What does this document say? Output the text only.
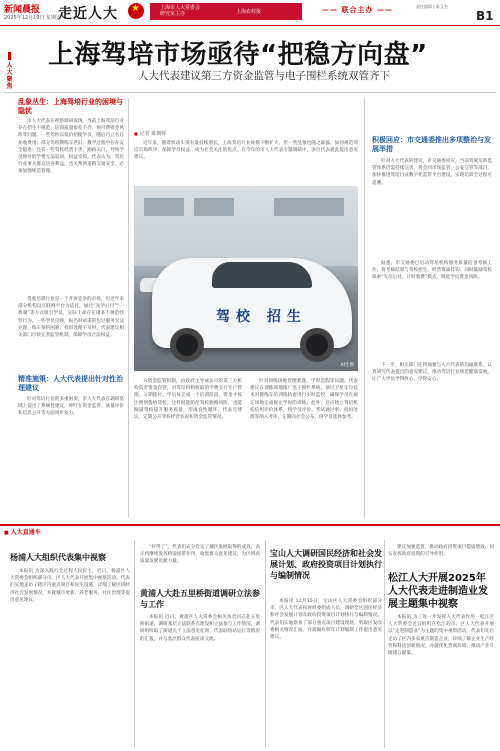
新闻晨报
2025年12月19日 星期五
走近人大
★	上海市人大常委会
研究室主办	上海农村报	—— 联合主办 ——	责任编辑 | 陈文杰
B1
人大聚焦
上海驾培市场亟待“把稳方向盘”
人大代表建议第三方资金监管与电子围栏系统双管齐下
乱象丛生：上海驾培行业的困境与隐忧
市人大代表在视察调研发现，当前上海驾培行业存在招生不规范、培训质量参差不齐、预付费资金风险等问题。一些驾校以低价招揽学员，随后巧立名目加收费用；部分驾校教练车老旧，教学过程中存在安全隐患；还有一些驾校经营不善，跑路关门，导致学员预付的学费无法追回，权益受损。代表认为，驾培行业事关群众切身利益，也关系到道路交通安全，必须加强规范管理。
驾驶培训行业是一个开放竞争的市场，但近年来部分机构以互联网平台为依托，通过“先学后付”“一费制”等方式吸引学员，实际上却存在诸多不规范经营行为。一些学员反映，报名时承诺的包过服务无法兑现，练车预约困难，投诉处理不及时。代表建议相关部门尽快完善监管机制，保障学员合法权益。
精准施策：人大代表提出针对性治理建议
针对驾培行业的多重困境，市人大代表在调研基础上提出了系统性建议，呼吁在资金监管、质量评价和信息公开等方面同步发力。
■ 记者 陈朝晖
近年来，随着机动车保有量持续增长，上海驾培行业规模不断扩大，但一些乱象也随之暴露。如何规范驾培市场秩序、保障学员权益，成为社会关注的焦点。在今年的市人大代表专题调研中，多位代表就此提出意见建议。
驾校 招生
AI生图
方资金监管机制，由政府主导或认可的第三方机构负责资金存管，对驾培机构收取的学费实行专户管理、分期拨付，学员每完成一个培训阶段，资金才按比例划拨给驾校。这样既能防范驾校跑路风险，也能倒逼驾校提升服务质量，形成良性循环。代表还建议，定期公开驾校经营状况和资金监管情况。
针对训练场地管理难题，学时造假等问题，代表建议在训练场地推广电子围栏系统，通过卫星定位技术对教练车的训练轨迹进行实时监控，确保学员在规定场地完成规定学时的训练。此外，还应建立驾培机构信用评价体系，将学员评价、考试通过率、投诉处理等纳入考评，定期向社会公布，供学员选择参考。
积极回应：市交通委推出多项整治与发展举措
针对人大代表的建议，市交通委回应，当前驾驶培训监管体系仍需持续完善，将会同市场监管、公安交管等部门，加快推进驾培行业数字化监管平台建设，实现培训全过程可追溯。
据悉，市交通委已启动驾培机构服务质量信誉考核工作，将考核结果与驾校招生、经营资质挂钩；同时鼓励驾校探索“先培后付、计时收费”模式，降低学员资金风险。
下一步，相关部门还将加强与人大代表的沟通联系，认真研究代表提出的意见建议，推动驾培行业规范健康发展，让广大学员学得放心、学得安心。
■ 人大直通车
杨浦人大组织代表集中视察
本报讯 为深入践行全过程人民民主，近日，杨浦区人大常委会组织部分市、区人大代表开展集中视察活动。代表们实地走访了辖区内重点项目和民生设施，详细了解区域经济社会发展情况，并就城市更新、养老服务、社区治理等提出意见建议。
“好得了”。代表们充分肯定了城区发展取得的成效，表示将继续发挥桥梁纽带作用，收集群众意见建议，为区域高质量发展贡献力量。
黄浦人大赴五里桥街道调研立法参与工作
本报讯 近日，黄浦区人大常委会相关负责同志赴五里桥街道，调研基层立法联系点建设和立法参与工作情况。调研组听取了街道关于立法意见征询、代表联络站运行等情况的汇报，并与基层群众代表座谈交流。
宝山人大调研国民经济和社会发展计划、政府投资项目计划执行与编制情况
本报讯 12月15日，宝山区人大常委会组织部分市、区人大代表和财经委组成人员，调研全区国民经济和社会发展计划及政府投资项目计划执行与编制情况。代表们实地察看了部分重点项目建设现场，听取区发改委相关情况汇报，并就做好明年计划编制工作提出意见建议。
建议加强监督，推动政府投资项目提质增效，切实发挥政府投资的引导作用。
松江人大开展2025年人大代表走进制造业发展主题集中视察
本报讯 为了进一步发挥人大代表作用，松江区人大常委会近日组织在松江的市、区人大代表开展以“走进制造业”为主题的集中视察活动。代表们先后走访了区内多家重点制造企业，详细了解企业生产经营和科技创新情况，并就优化营商环境、推动产业升级建言献策。
